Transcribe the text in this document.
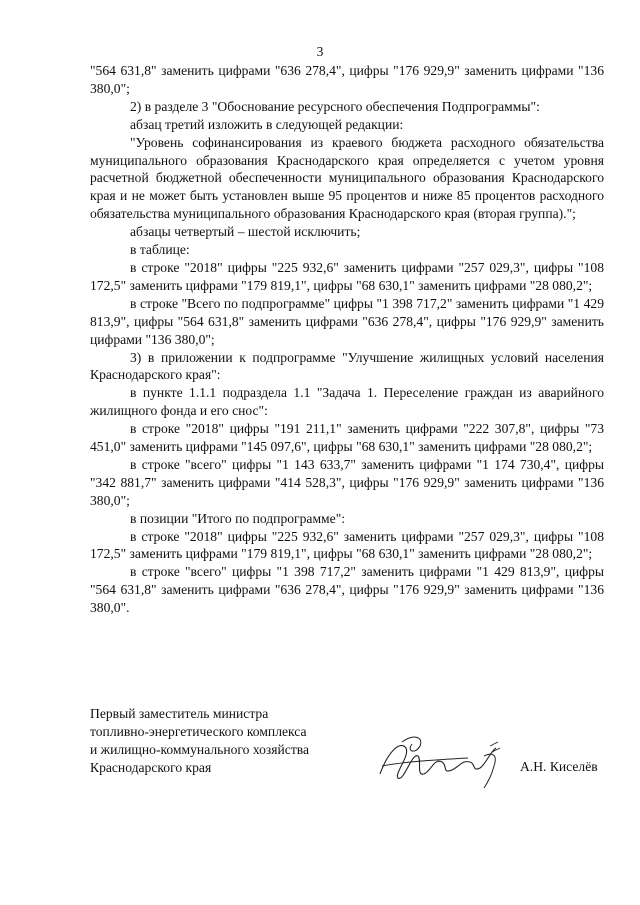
3

"564 631,8" заменить цифрами "636 278,4", цифры "176 929,9" заменить цифрами "136 380,0";

2) в разделе 3 "Обоснование ресурсного обеспечения Подпрограммы":

абзац третий изложить в следующей редакции:

"Уровень софинансирования из краевого бюджета расходного обязательства муниципального образования Краснодарского края определяется с учетом уровня расчетной бюджетной обеспеченности муниципального образования Краснодарского края и не может быть установлен выше 95 процентов и ниже 85 процентов расходного обязательства муниципального образования Краснодарского края (вторая группа).";

абзацы четвертый – шестой исключить;

в таблице:

в строке "2018" цифры "225 932,6" заменить цифрами "257 029,3", цифры "108 172,5" заменить цифрами "179 819,1", цифры "68 630,1" заменить цифрами "28 080,2";

в строке "Всего по подпрограмме" цифры "1 398 717,2" заменить цифрами "1 429 813,9", цифры "564 631,8" заменить цифрами "636 278,4", цифры "176 929,9" заменить цифрами "136 380,0";

3) в приложении к подпрограмме "Улучшение жилищных условий населения Краснодарского края":

в пункте 1.1.1 подраздела 1.1 "Задача 1. Переселение граждан из аварийного жилищного фонда и его снос":

в строке "2018" цифры "191 211,1" заменить цифрами "222 307,8", цифры "73 451,0" заменить цифрами "145 097,6", цифры "68 630,1" заменить цифрами "28 080,2";

в строке "всего" цифры "1 143 633,7" заменить цифрами "1 174 730,4", цифры "342 881,7" заменить цифрами "414 528,3", цифры "176 929,9" заменить цифрами "136 380,0";

в позиции "Итого по подпрограмме":

в строке "2018" цифры "225 932,6" заменить цифрами "257 029,3", цифры "108 172,5" заменить цифрами "179 819,1", цифры "68 630,1" заменить цифрами "28 080,2";

в строке "всего" цифры "1 398 717,2" заменить цифрами "1 429 813,9", цифры "564 631,8" заменить цифрами "636 278,4", цифры "176 929,9" заменить цифрами "136 380,0".

Первый заместитель министра
топливно-энергетического комплекса
и жилищно-коммунального хозяйства
Краснодарского края	А.Н. Киселёв
